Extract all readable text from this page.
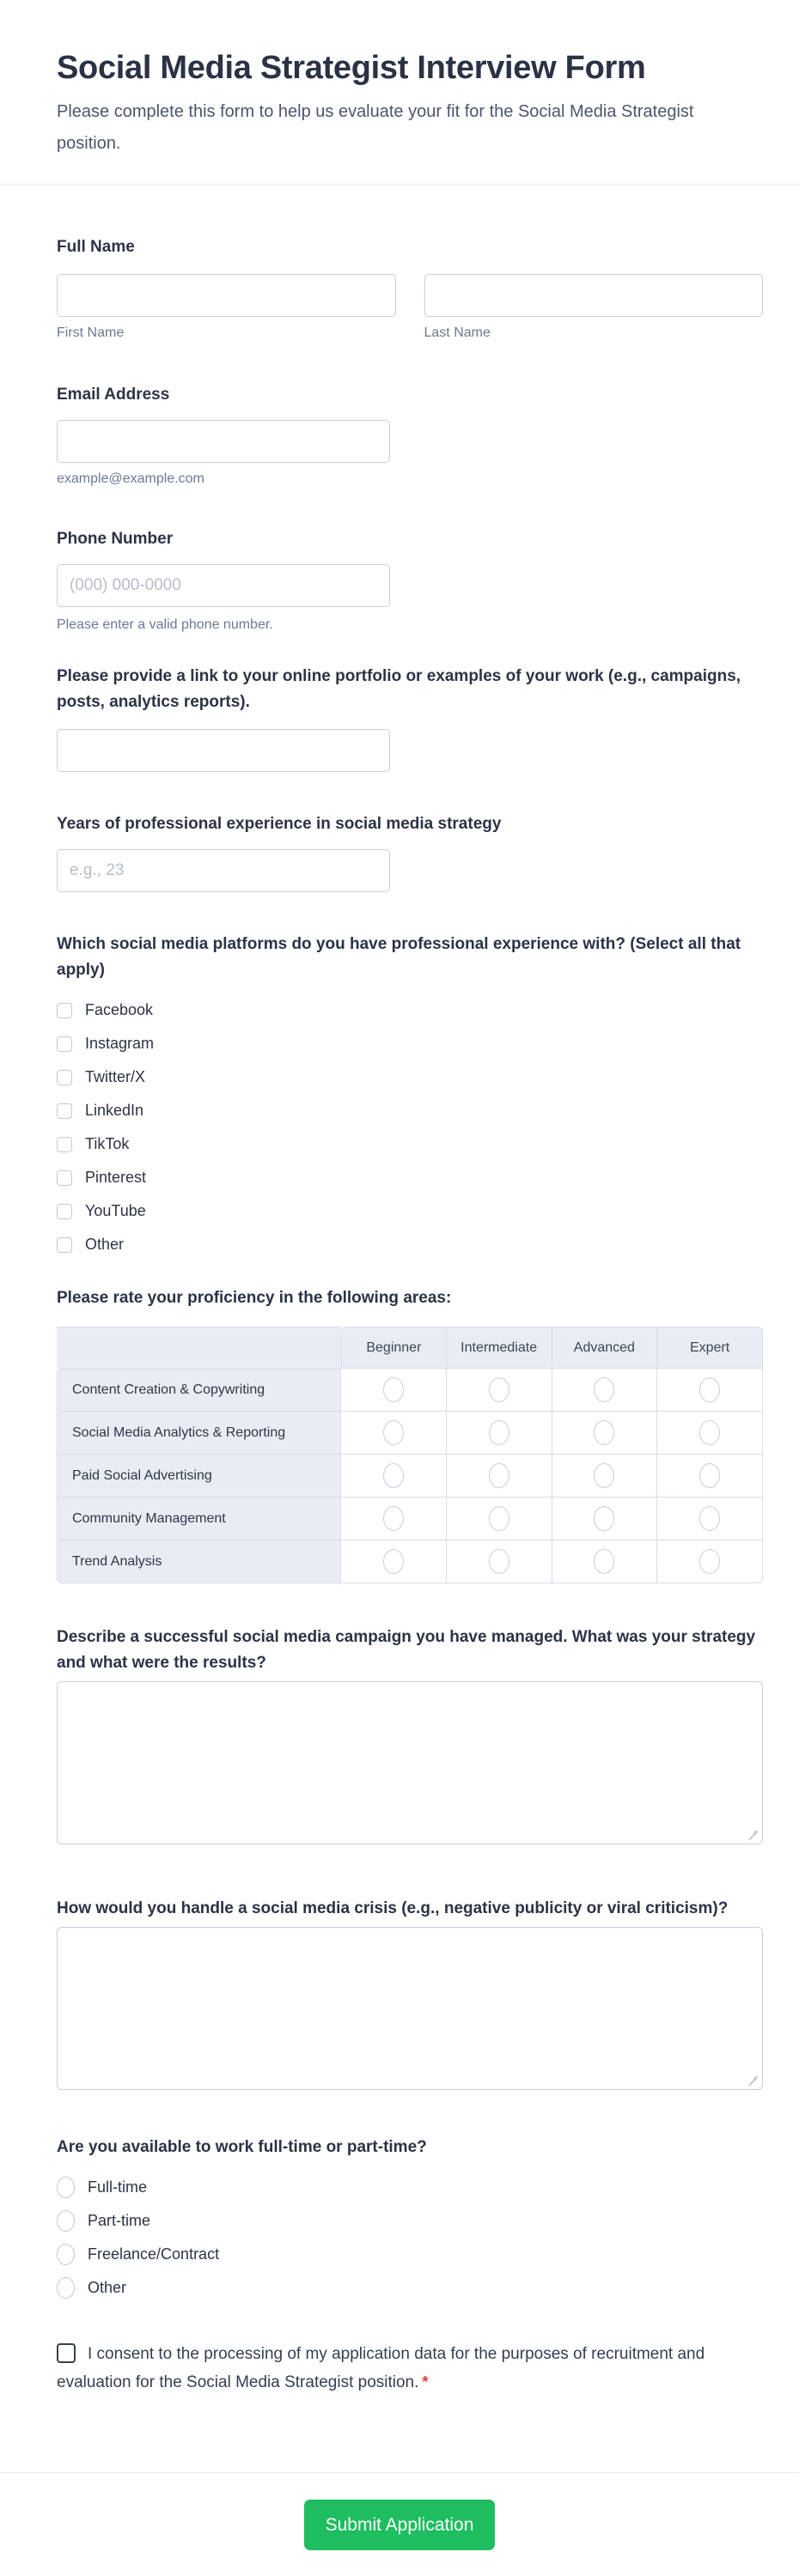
Social Media Strategist Interview Form

Please complete this form to help us evaluate your fit for the Social Media Strategist position.

Full Name
First Name	Last Name
Email Address
example@example.com
Phone Number
(000) 000-0000
Please enter a valid phone number.
Please provide a link to your online portfolio or examples of your work (e.g., campaigns, posts, analytics reports).
Years of professional experience in social media strategy
e.g., 23
Which social media platforms do you have professional experience with? (Select all that apply)
Facebook
Instagram
Twitter/X
LinkedIn
TikTok
Pinterest
YouTube
Other
Please rate your proficiency in the following areas:
Beginner	Intermediate	Advanced	Expert
Content Creation & Copywriting
Social Media Analytics & Reporting
Paid Social Advertising
Community Management
Trend Analysis
Describe a successful social media campaign you have managed. What was your strategy and what were the results?
How would you handle a social media crisis (e.g., negative publicity or viral criticism)?
Are you available to work full-time or part-time?
Full-time
Part-time
Freelance/Contract
Other
I consent to the processing of my application data for the purposes of recruitment and evaluation for the Social Media Strategist position. *
Submit Application
